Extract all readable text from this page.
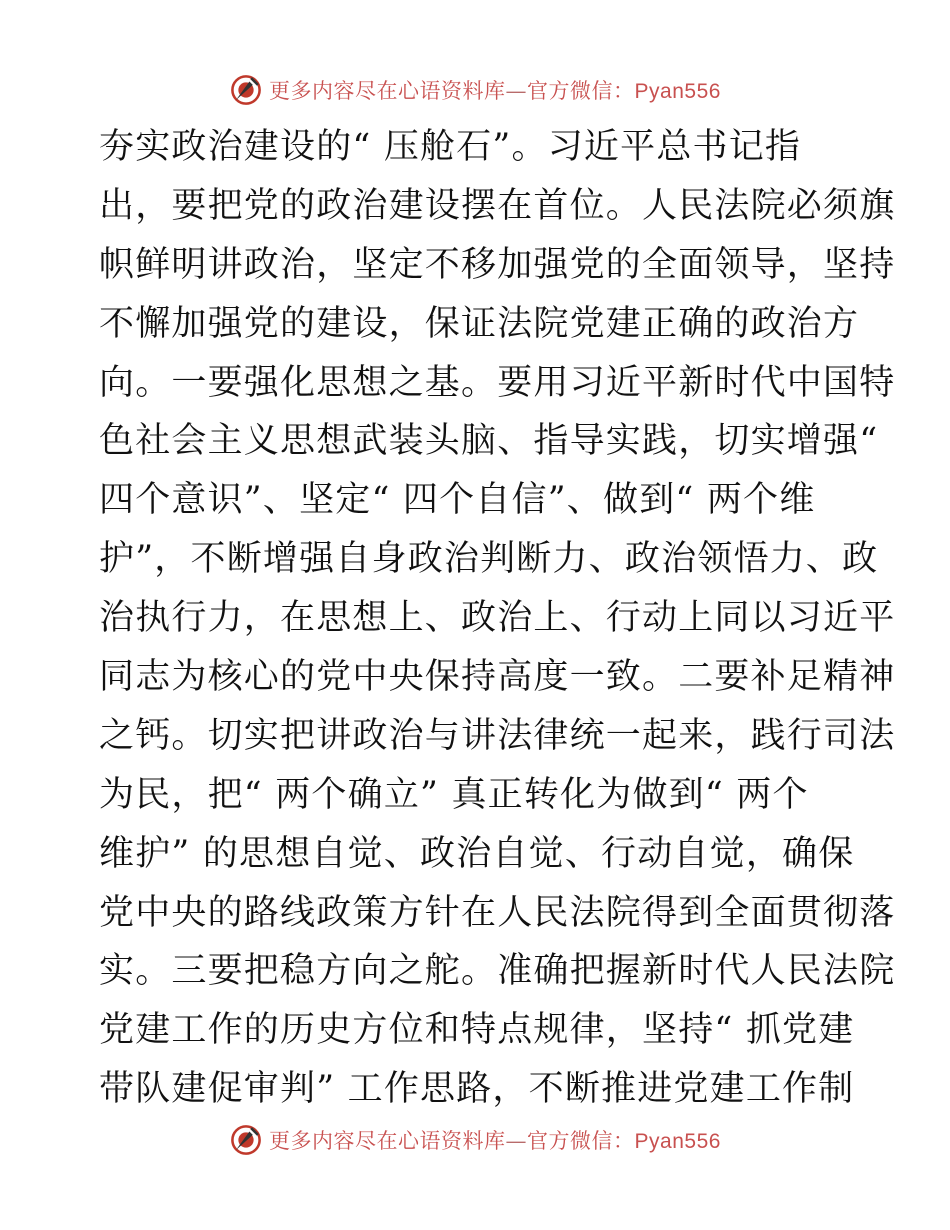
更多内容尽在心语资料库—官方微信：Pyan556
夯实政治建设的“ 压舱石”。习近平总书记指
出，要把党的政治建设摆在首位。人民法院必须旗
帜鲜明讲政治，坚定不移加强党的全面领导，坚持
不懈加强党的建设，保证法院党建正确的政治方
向。一要强化思想之基。要用习近平新时代中国特
色社会主义思想武装头脑、指导实践，切实增强“
四个意识”、坚定“ 四个自信”、做到“ 两个维
护”，不断增强自身政治判断力、政治领悟力、政
治执行力，在思想上、政治上、行动上同以习近平
同志为核心的党中央保持高度一致。二要补足精神
之钙。切实把讲政治与讲法律统一起来，践行司法
为民，把“ 两个确立” 真正转化为做到“ 两个
维护” 的思想自觉、政治自觉、行动自觉，确保
党中央的路线政策方针在人民法院得到全面贯彻落
实。三要把稳方向之舵。准确把握新时代人民法院
党建工作的历史方位和特点规律，坚持“ 抓党建
带队建促审判” 工作思路，不断推进党建工作制
更多内容尽在心语资料库—官方微信：Pyan556
